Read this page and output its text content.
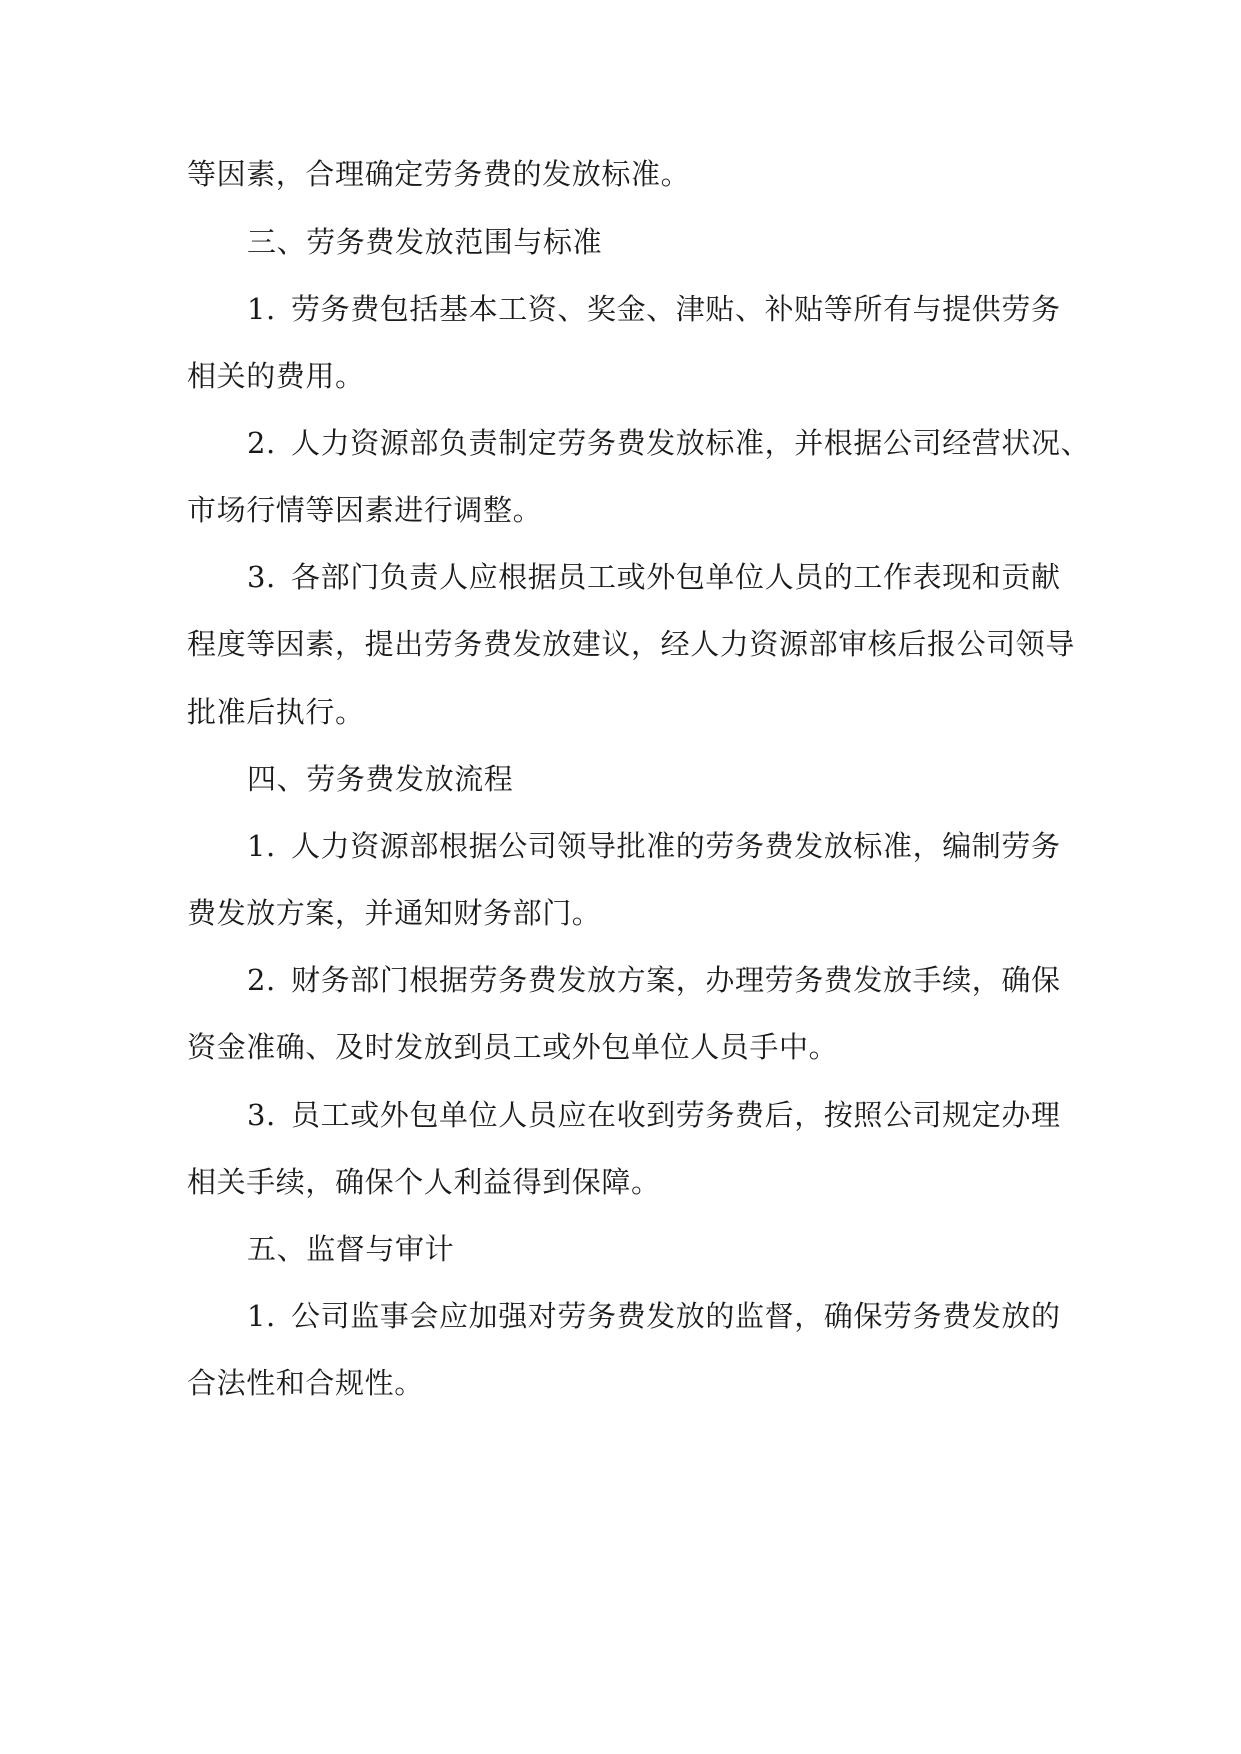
等因素，合理确定劳务费的发放标准。
三、劳务费发放范围与标准
1. 劳务费包括基本工资、奖金、津贴、补贴等所有与提供劳务
相关的费用。
2. 人力资源部负责制定劳务费发放标准，并根据公司经营状况、
市场行情等因素进行调整。
3. 各部门负责人应根据员工或外包单位人员的工作表现和贡献
程度等因素，提出劳务费发放建议，经人力资源部审核后报公司领导
批准后执行。
四、劳务费发放流程
1. 人力资源部根据公司领导批准的劳务费发放标准，编制劳务
费发放方案，并通知财务部门。
2. 财务部门根据劳务费发放方案，办理劳务费发放手续，确保
资金准确、及时发放到员工或外包单位人员手中。
3. 员工或外包单位人员应在收到劳务费后，按照公司规定办理
相关手续，确保个人利益得到保障。
五、监督与审计
1. 公司监事会应加强对劳务费发放的监督，确保劳务费发放的
合法性和合规性。
